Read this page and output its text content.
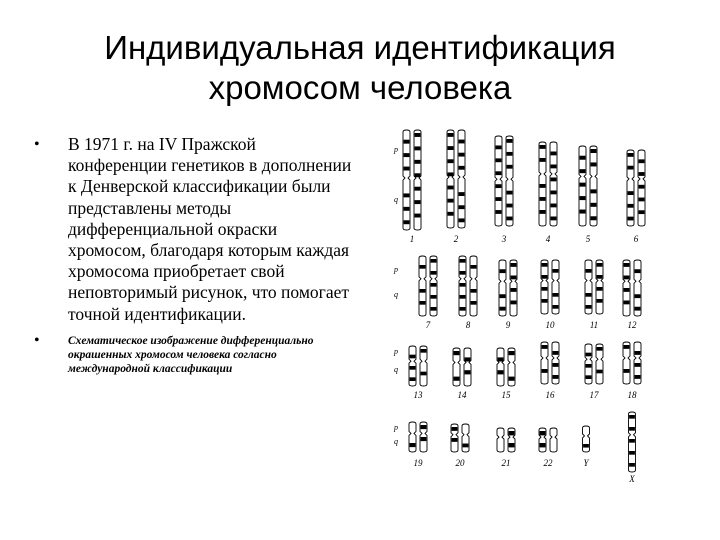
Индивидуальная идентификация
хромосом человека
• В 1971 г. на IV Пражской конференции генетиков в дополнении к Денверской классификации были представлены методы дифференциальной окраски хромосом, благодаря которым каждая хромосома приобретает свой неповторимый рисунок, что помогает точной идентификации.
• Схематическое изображение дифференциально окрашенных хромосом человека согласно международной классификации
1	2	3	4	5	6
7	8	9	10	11	12
13	14	15	16	17	18
19	20	21	22	Y
X
p
q
p
q
p
q
p
q
